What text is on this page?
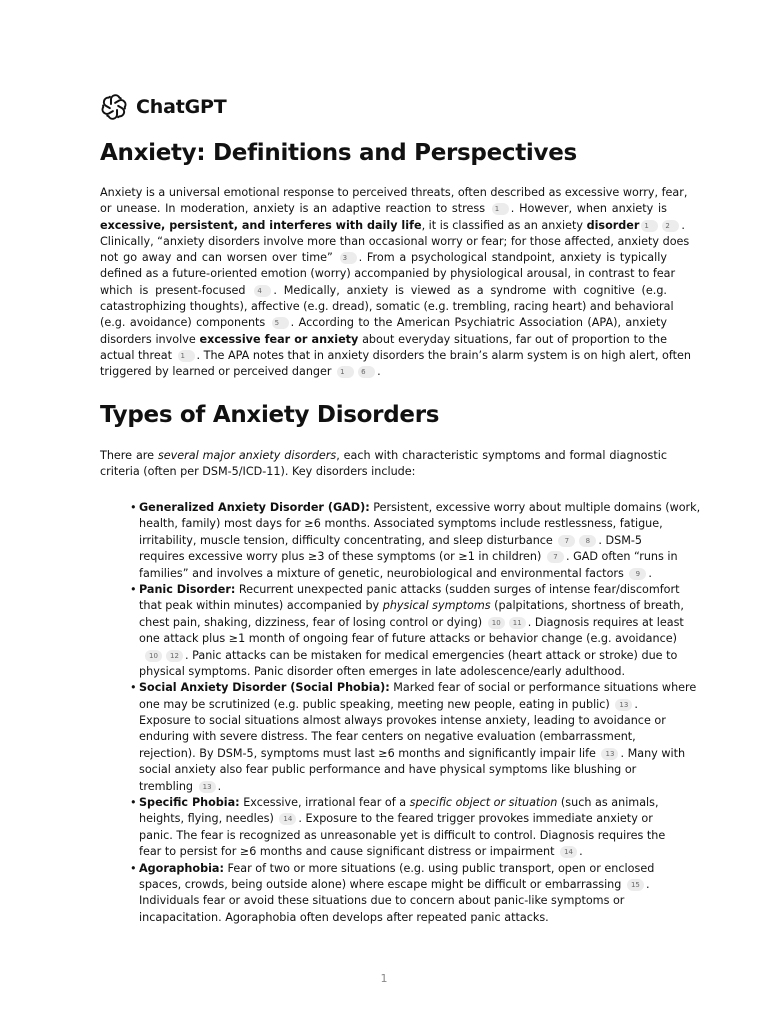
ChatGPT
Anxiety: Definitions and Perspectives
Anxiety is a universal emotional response to perceived threats, often described as excessive worry, fear,
or unease. In moderation, anxiety is an adaptive reaction to stress 1 . However, when anxiety is
excessive, persistent, and interferes with daily life, it is classified as an anxiety disorder 1 2 .
Clinically, “anxiety disorders involve more than occasional worry or fear; for those affected, anxiety does
not go away and can worsen over time” 3 . From a psychological standpoint, anxiety is typically
defined as a future-oriented emotion (worry) accompanied by physiological arousal, in contrast to fear
which is present-focused 4 . Medically, anxiety is viewed as a syndrome with cognitive (e.g.
catastrophizing thoughts), affective (e.g. dread), somatic (e.g. trembling, racing heart) and behavioral
(e.g. avoidance) components 5 . According to the American Psychiatric Association (APA), anxiety
disorders involve excessive fear or anxiety about everyday situations, far out of proportion to the
actual threat 1 . The APA notes that in anxiety disorders the brain’s alarm system is on high alert, often
triggered by learned or perceived danger 1 6 .
Types of Anxiety Disorders
There are several major anxiety disorders, each with characteristic symptoms and formal diagnostic
criteria (often per DSM-5/ICD-11). Key disorders include:
• Generalized Anxiety Disorder (GAD): Persistent, excessive worry about multiple domains (work,
health, family) most days for ≥6 months. Associated symptoms include restlessness, fatigue,
irritability, muscle tension, difficulty concentrating, and sleep disturbance 7 8 . DSM-5
requires excessive worry plus ≥3 of these symptoms (or ≥1 in children) 7 . GAD often “runs in
families” and involves a mixture of genetic, neurobiological and environmental factors 9 .
• Panic Disorder: Recurrent unexpected panic attacks (sudden surges of intense fear/discomfort
that peak within minutes) accompanied by physical symptoms (palpitations, shortness of breath,
chest pain, shaking, dizziness, fear of losing control or dying) 10 11 . Diagnosis requires at least
one attack plus ≥1 month of ongoing fear of future attacks or behavior change (e.g. avoidance)
10 12 . Panic attacks can be mistaken for medical emergencies (heart attack or stroke) due to
physical symptoms. Panic disorder often emerges in late adolescence/early adulthood.
• Social Anxiety Disorder (Social Phobia): Marked fear of social or performance situations where
one may be scrutinized (e.g. public speaking, meeting new people, eating in public) 13 .
Exposure to social situations almost always provokes intense anxiety, leading to avoidance or
enduring with severe distress. The fear centers on negative evaluation (embarrassment,
rejection). By DSM-5, symptoms must last ≥6 months and significantly impair life 13 . Many with
social anxiety also fear public performance and have physical symptoms like blushing or
trembling 13 .
• Specific Phobia: Excessive, irrational fear of a specific object or situation (such as animals,
heights, flying, needles) 14 . Exposure to the feared trigger provokes immediate anxiety or
panic. The fear is recognized as unreasonable yet is difficult to control. Diagnosis requires the
fear to persist for ≥6 months and cause significant distress or impairment 14 .
• Agoraphobia: Fear of two or more situations (e.g. using public transport, open or enclosed
spaces, crowds, being outside alone) where escape might be difficult or embarrassing 15 .
Individuals fear or avoid these situations due to concern about panic-like symptoms or
incapacitation. Agoraphobia often develops after repeated panic attacks.
1
